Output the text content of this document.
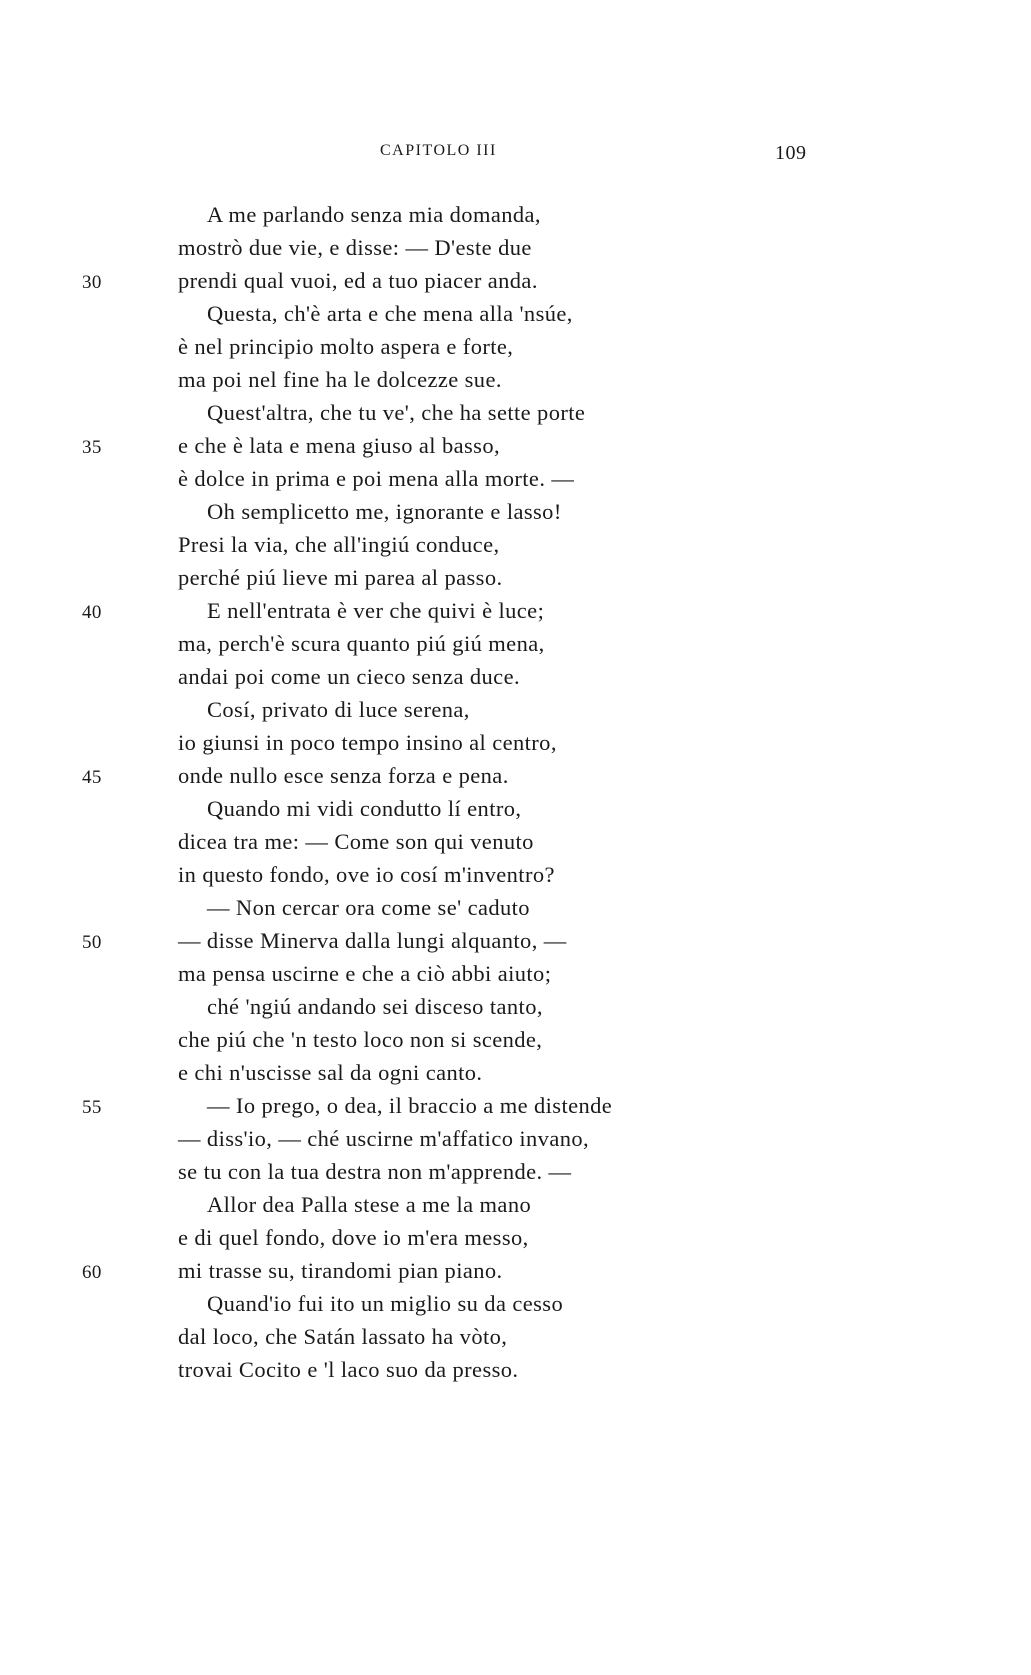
CAPITOLO III	109
A me parlando senza mia domanda,
mostrò due vie, e disse: — D'este due
30	prendi qual vuoi, ed a tuo piacer anda.
Questa, ch'è arta e che mena alla 'nsúe,
è nel principio molto aspera e forte,
ma poi nel fine ha le dolcezze sue.
Quest'altra, che tu ve', che ha sette porte
35	e che è lata e mena giuso al basso,
è dolce in prima e poi mena alla morte. —
Oh semplicetto me, ignorante e lasso!
Presi la via, che all'ingiú conduce,
perché piú lieve mi parea al passo.
40	E nell'entrata è ver che quivi è luce;
ma, perch'è scura quanto piú giú mena,
andai poi come un cieco senza duce.
Cosí, privato di luce serena,
io giunsi in poco tempo insino al centro,
45	onde nullo esce senza forza e pena.
Quando mi vidi condutto lí entro,
dicea tra me: — Come son qui venuto
in questo fondo, ove io cosí m'inventro?
— Non cercar ora come se' caduto
50	— disse Minerva dalla lungi alquanto, —
ma pensa uscirne e che a ciò abbi aiuto;
ché 'ngiú andando sei disceso tanto,
che piú che 'n testo loco non si scende,
e chi n'uscisse sal da ogni canto.
55	— Io prego, o dea, il braccio a me distende
— diss'io, — ché uscirne m'affatico invano,
se tu con la tua destra non m'apprende. —
Allor dea Palla stese a me la mano
e di quel fondo, dove io m'era messo,
60	mi trasse su, tirandomi pian piano.
Quand'io fui ito un miglio su da cesso
dal loco, che Satán lassato ha vòto,
trovai Cocito e 'l laco suo da presso.
